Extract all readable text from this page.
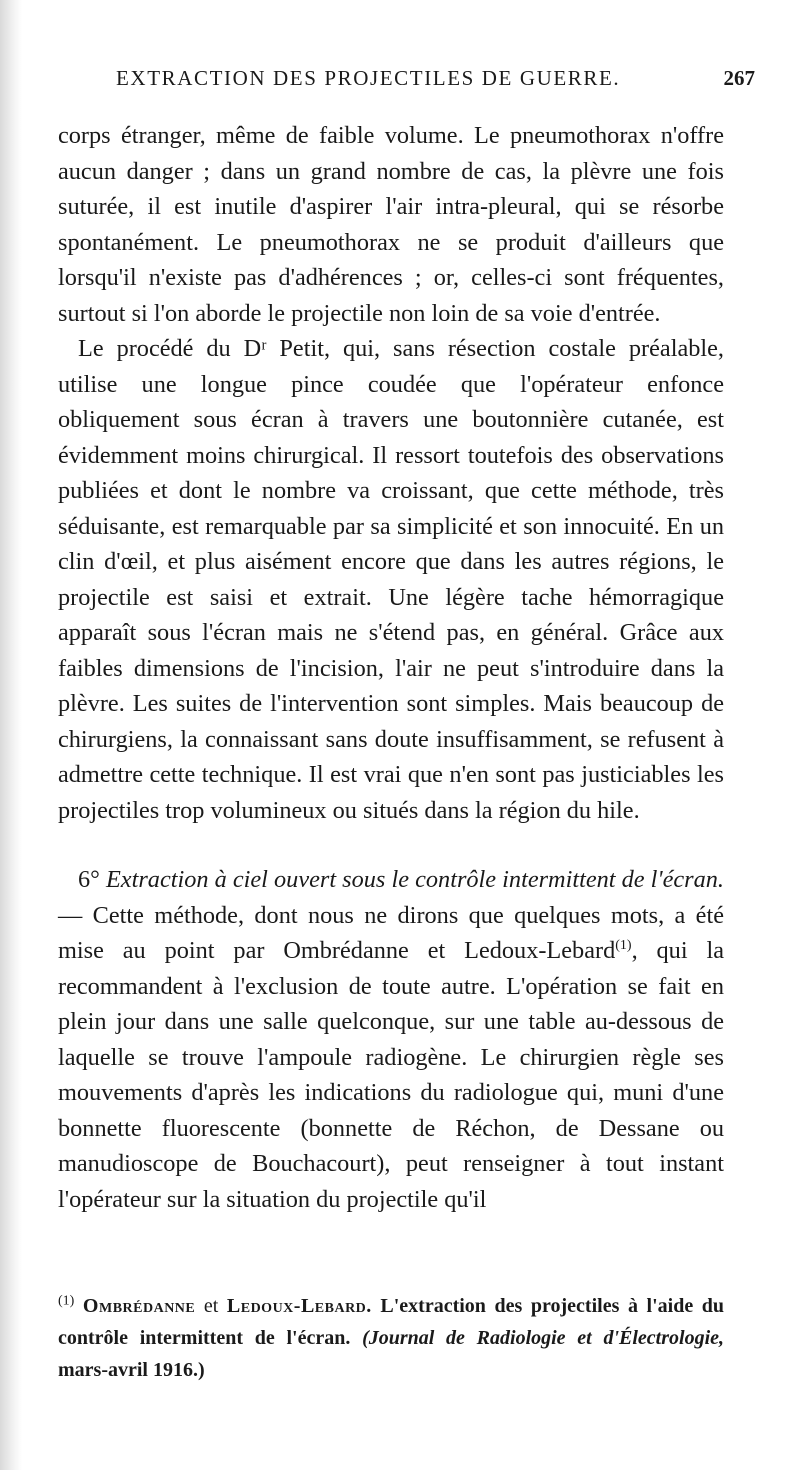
EXTRACTION DES PROJECTILES DE GUERRE.	267

corps étranger, même de faible volume. Le pneumothorax n'offre aucun danger ; dans un grand nombre de cas, la plèvre une fois suturée, il est inutile d'aspirer l'air intra-pleural, qui se résorbe spontanément. Le pneumothorax ne se produit d'ailleurs que lorsqu'il n'existe pas d'adhérences ; or, celles-ci sont fréquentes, surtout si l'on aborde le projectile non loin de sa voie d'entrée.

Le procédé du Dʳ Petit, qui, sans résection costale préalable, utilise une longue pince coudée que l'opérateur enfonce obliquement sous écran à travers une boutonnière cutanée, est évidemment moins chirurgical. Il ressort toutefois des observations publiées et dont le nombre va croissant, que cette méthode, très séduisante, est remarquable par sa simplicité et son innocuité. En un clin d'œil, et plus aisément encore que dans les autres régions, le projectile est saisi et extrait. Une légère tache hémorragique apparaît sous l'écran mais ne s'étend pas, en général. Grâce aux faibles dimensions de l'incision, l'air ne peut s'introduire dans la plèvre. Les suites de l'intervention sont simples. Mais beaucoup de chirurgiens, la connaissant sans doute insuffisamment, se refusent à admettre cette technique. Il est vrai que n'en sont pas justiciables les projectiles trop volumineux ou situés dans la région du hile.

6° Extraction à ciel ouvert sous le contrôle intermittent de l'écran. — Cette méthode, dont nous ne dirons que quelques mots, a été mise au point par Ombrédanne et Ledoux-Lebard$^{(1)}$, qui la recommandent à l'exclusion de toute autre. L'opération se fait en plein jour dans une salle quelconque, sur une table au-dessous de laquelle se trouve l'ampoule radiogène. Le chirurgien règle ses mouvements d'après les indications du radiologue qui, muni d'une bonnette fluorescente (bonnette de Réchon, de Dessane ou manudioscope de Bouchacourt), peut renseigner à tout instant l'opérateur sur la situation du projectile qu'il

$^{(1)}$ Ombrédanne et Ledoux-Lebard. L'extraction des projectiles à l'aide du contrôle intermittent de l'écran. (Journal de Radiologie et d'Électrologie, mars-avril 1916.)
